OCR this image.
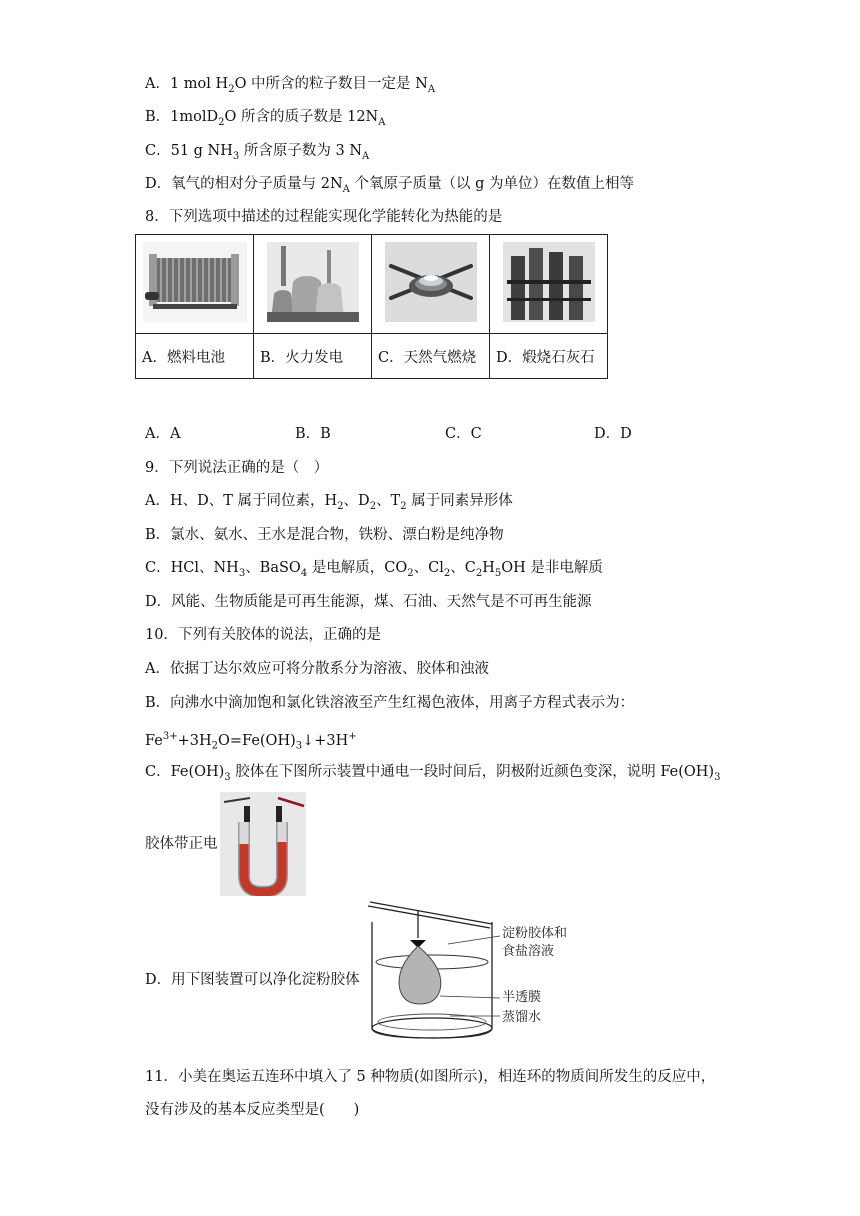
A．1 mol $H_2O$ 中所含的粒子数目一定是 $N_A$
B．1molD$_2$O 所含的质子数是 $12N_A$
C．51 g $NH_3$ 所含原子数为 3 $N_A$
D．氧气的相对分子质量与 $2N_A$ 个氧原子质量（以 g 为单位）在数值上相等
8．下列选项中描述的过程能实现化学能转化为热能的是

A．燃料电池	B．火力发电	C．天然气燃烧	D．煅烧石灰石
A．A	B．B	C．C	D．D
9．下列说法正确的是（　）
A．H、D、T 属于同位素，$H_2$、$D_2$、$T_2$ 属于同素异形体
B．氯水、氨水、王水是混合物，铁粉、漂白粉是纯净物
C．HCl、$NH_3$、BaSO$_4$ 是电解质，$CO_2$、$Cl_2$、$C_2H_5OH$ 是非电解质
D．风能、生物质能是可再生能源，煤、石油、天然气是不可再生能源
10．下列有关胶体的说法，正确的是
A．依据丁达尔效应可将分散系分为溶液、胶体和浊液
B．向沸水中滴加饱和氯化铁溶液至产生红褐色液体，用离子方程式表示为：
$Fe^{3+}+3H_2O=Fe(OH)_3↓+3H^+$
C．$Fe(OH)_3$ 胶体在下图所示装置中通电一段时间后，阴极附近颜色变深，说明 $Fe(OH)_3$
胶体带正电
D．用下图装置可以净化淀粉胶体
淀粉胶体和
食盐溶液
半透膜
蒸馏水
11．小美在奥运五连环中填入了 5 种物质(如图所示)，相连环的物质间所发生的反应中，
没有涉及的基本反应类型是(　　)
